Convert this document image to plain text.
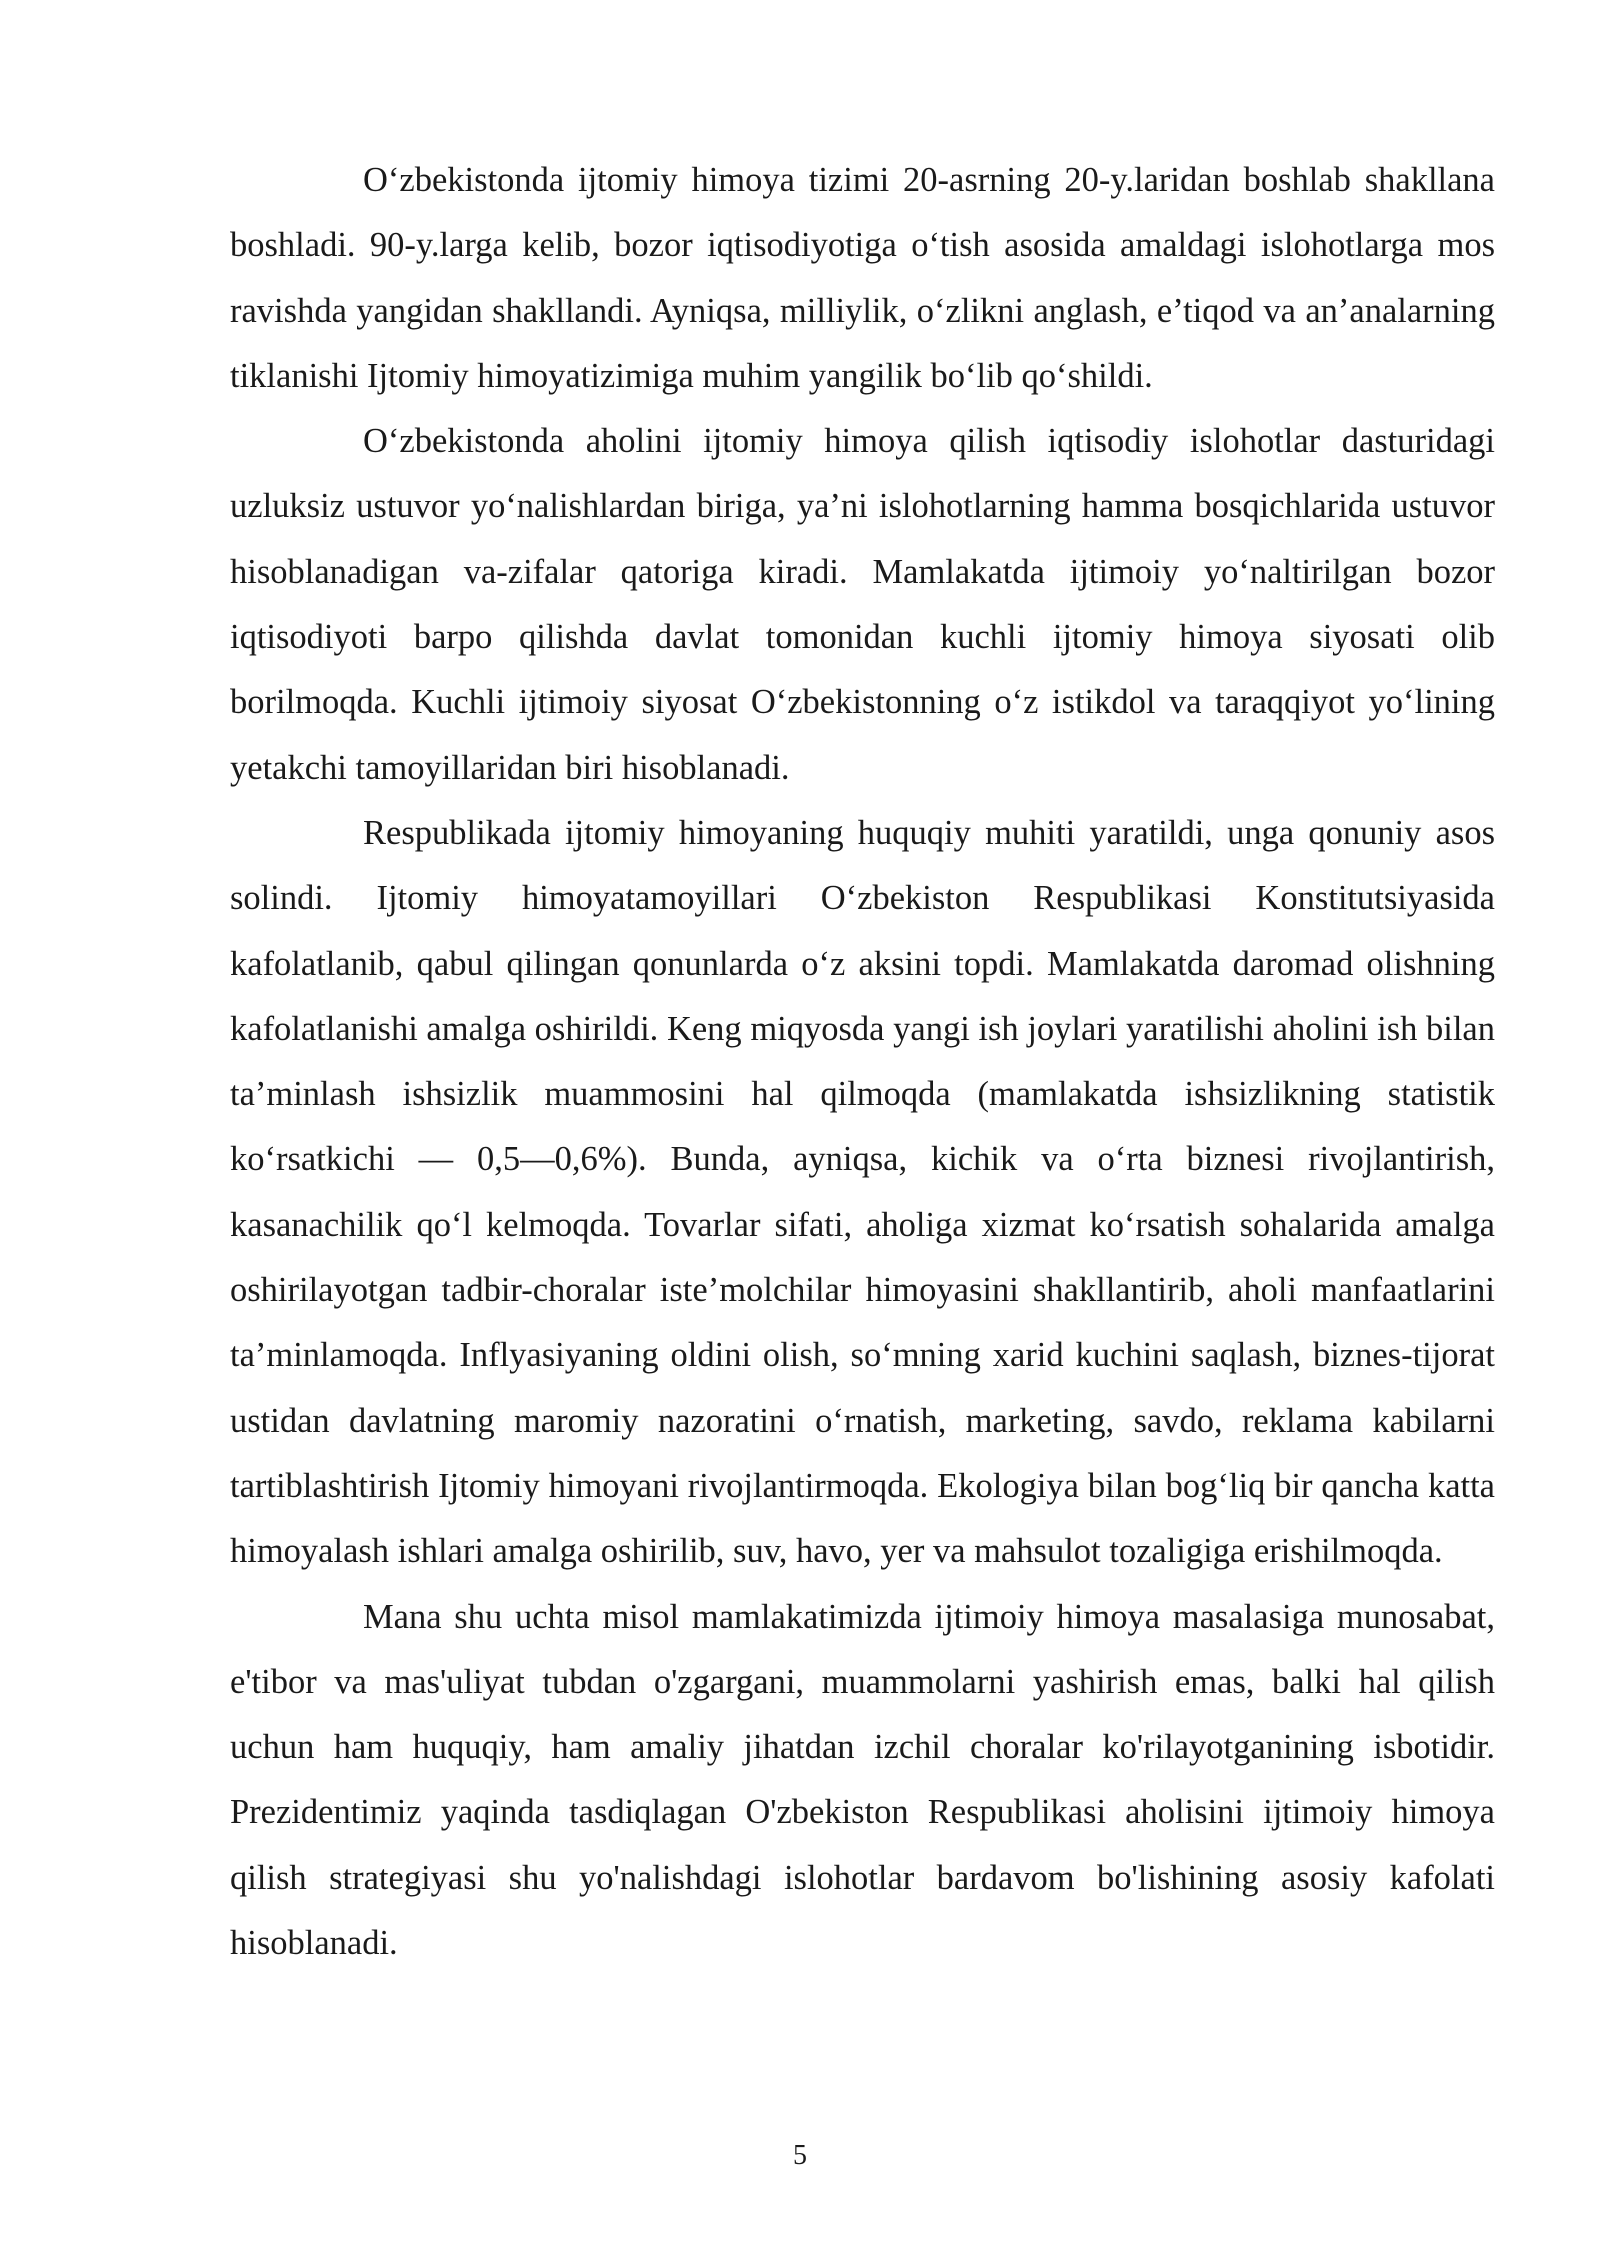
O‘zbekistonda ijtomiy himoya tizimi 20-asrning 20-y.laridan boshlab shakllana boshladi. 90-y.larga kelib, bozor iqtisodiyotiga o‘tish asosida amaldagi islohotlarga mos ravishda yangidan shakllandi. Ayniqsa, milliylik, o‘zlikni anglash, e’tiqod va an’analarning tiklanishi Ijtomiy himoyatizimiga muhim yangilik bo‘lib qo‘shildi.

O‘zbekistonda aholini ijtomiy himoya qilish iqtisodiy islohotlar dasturidagi uzluksiz ustuvor yo‘nalishlardan biriga, ya’ni islohotlarning hamma bosqichlarida ustuvor hisoblanadigan va-zifalar qatoriga kiradi. Mamlakatda ijtimoiy yo‘naltirilgan bozor iqtisodiyoti barpo qilishda davlat tomonidan kuchli ijtomiy himoya siyosati olib borilmoqda. Kuchli ijtimoiy siyosat O‘zbekistonning o‘z istikdol va taraqqiyot yo‘lining yetakchi tamoyillaridan biri hisoblanadi.

Respublikada ijtomiy himoyaning huquqiy muhiti yaratildi, unga qonuniy asos solindi. Ijtomiy himoyatamoyillari O‘zbekiston Respublikasi Konstitutsiyasida kafolatlanib, qabul qilingan qonunlarda o‘z aksini topdi. Mamlakatda daromad olishning kafolatlanishi amalga oshirildi. Keng miqyosda yangi ish joylari yaratilishi aholini ish bilan ta’minlash ishsizlik muammosini hal qilmoqda (mamlakatda ishsizlikning statistik ko‘rsatkichi — 0,5—0,6%). Bunda, ayniqsa, kichik va o‘rta biznesi rivojlantirish, kasanachilik qo‘l kelmoqda. Tovarlar sifati, aholiga xizmat ko‘rsatish sohalarida amalga oshirilayotgan tadbir-choralar iste’molchilar himoyasini shakllantirib, aholi manfaatlarini ta’minlamoqda. Inflyasiyaning oldini olish, so‘mning xarid kuchini saqlash, biznes-tijorat ustidan davlatning maromiy nazoratini o‘rnatish, marketing, savdo, reklama kabilarni tartiblashtirish Ijtomiy himoyani rivojlantirmoqda. Ekologiya bilan bog‘liq bir qancha katta himoyalash ishlari amalga oshirilib, suv, havo, yer va mahsulot tozaligiga erishilmoqda.

Mana shu uchta misol mamlakatimizda ijtimoiy himoya masalasiga munosabat, e'tibor va mas'uliyat tubdan o'zgargani, muammolarni yashirish emas, balki hal qilish uchun ham huquqiy, ham amaliy jihatdan izchil choralar ko'rilayotganining isbotidir. Prezidentimiz yaqinda tasdiqlagan O'zbekiston Respublikasi aholisini ijtimoiy himoya qilish strategiyasi shu yo'nalishdagi islohotlar bardavom bo'lishining asosiy kafolati hisoblanadi.

5
